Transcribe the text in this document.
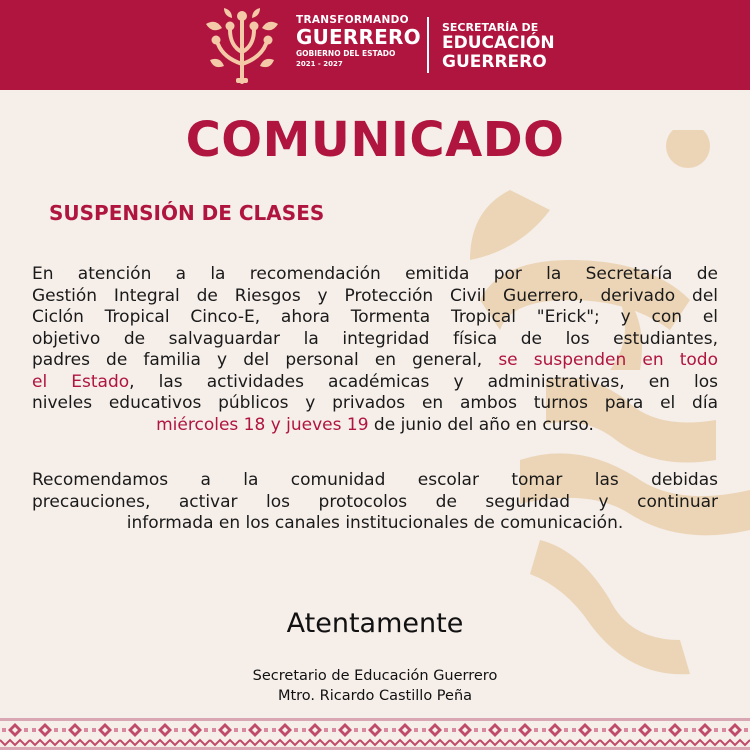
TRANSFORMANDO
GUERRERO
GOBIERNO DEL ESTADO
2021 - 2027
SECRETARÍA DE
EDUCACIÓN
GUERRERO
COMUNICADO
SUSPENSIÓN DE CLASES
En atención a la recomendación emitida por la Secretaría de
Gestión Integral de Riesgos y Protección Civil Guerrero, derivado del
Ciclón Tropical Cinco-E, ahora Tormenta Tropical "Erick"; y con el
objetivo de salvaguardar la integridad física de los estudiantes,
padres de familia y del personal en general, se suspenden en todo
el Estado, las actividades académicas y administrativas, en los
niveles educativos públicos y privados en ambos turnos para el día
miércoles 18 y jueves 19 de junio del año en curso.
Recomendamos a la comunidad escolar tomar las debidas
precauciones, activar los protocolos de seguridad y continuar
informada en los canales institucionales de comunicación.
Atentamente
Secretario de Educación Guerrero
Mtro. Ricardo Castillo Peña
